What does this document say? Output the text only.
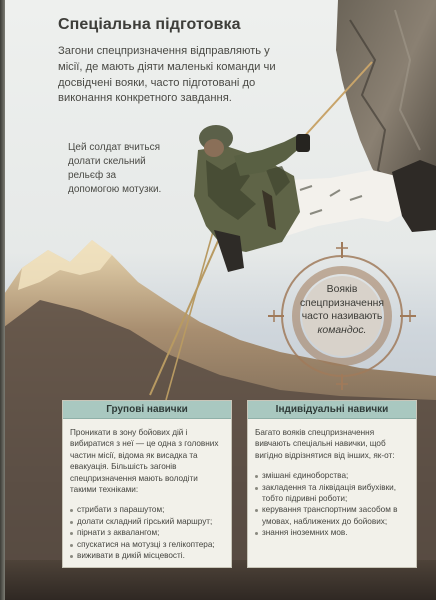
Спеціальна підготовка

Загони спецпризначення відправляють у місії, де мають діяти маленькі команди чи досвідчені вояки, часто підготовані до виконання конкретного завдання.

Цей солдат вчиться долати скельний рельєф за допомогою мотузки.

Вояків
спецпризначення
часто називають
командос.
Групові навички

Проникати в зону бойових дій і вибиратися з неї — це одна з головних частин місії, відома як висадка та евакуація. Більшість загонів спецпризначення мають володіти такими техніками:

стрибати з парашутом;
долати складний гірський маршрут;
пірнати з аквалангом;
спускатися на мотузці з гелікоптера;
виживати в дикій місцевості.
Індивідуальні навички

Багато вояків спецпризначення вивчають спеціальні навички, щоб вигідно відрізнятися від інших, як-от:

змішані єдиноборства;
закладення та ліквідація вибухівки, тобто підривні роботи;
керування транспортним засобом в умовах, наближених до бойових;
знання іноземних мов.
